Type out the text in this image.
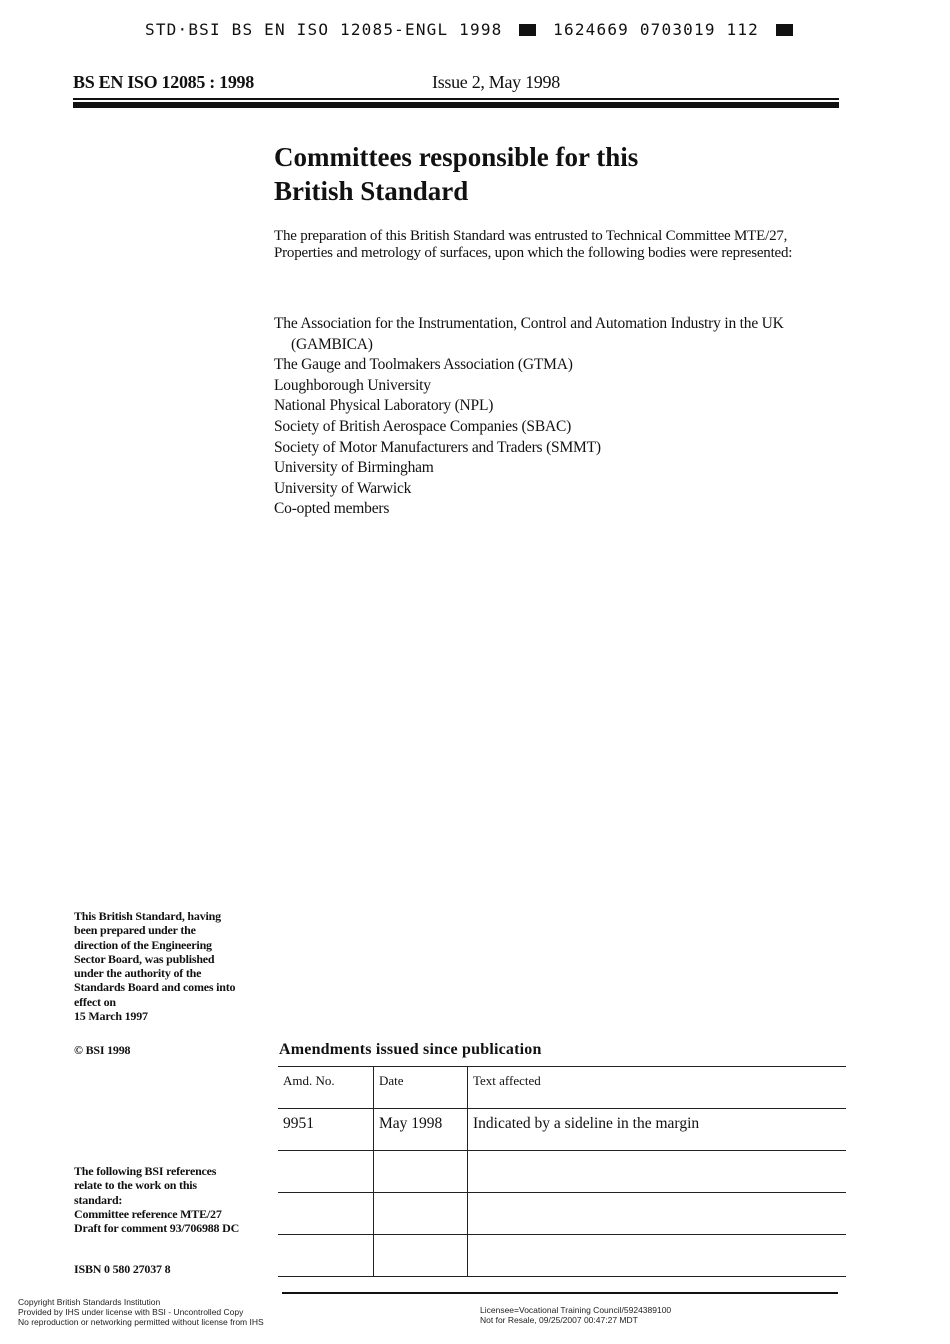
STD·BSI BS EN ISO 12085-ENGL 1998	1624669 0703019 112
BS EN ISO 12085 : 1998	Issue 2, May 1998
Committees responsible for this
British Standard
The preparation of this British Standard was entrusted to Technical Committee MTE/27, Properties and metrology of surfaces, upon which the following bodies were represented:
The Association for the Instrumentation, Control and Automation Industry in the UK
(GAMBICA)
The Gauge and Toolmakers Association (GTMA)
Loughborough University
National Physical Laboratory (NPL)
Society of British Aerospace Companies (SBAC)
Society of Motor Manufacturers and Traders (SMMT)
University of Birmingham
University of Warwick
Co-opted members
This British Standard, having
been prepared under the
direction of the Engineering
Sector Board, was published
under the authority of the
Standards Board and comes into
effect on
15 March 1997
© BSI 1998
The following BSI references
relate to the work on this
standard:
Committee reference MTE/27
Draft for comment 93/706988 DC
ISBN 0 580 27037 8
Amendments issued since publication
Amd. No.	Date	Text affected
9951	May 1998	Indicated by a sideline in the margin

Copyright British Standards Institution
Provided by IHS under license with BSI - Uncontrolled Copy
No reproduction or networking permitted without license from IHS
Licensee=Vocational Training Council/5924389100
Not for Resale, 09/25/2007 00:47:27 MDT
